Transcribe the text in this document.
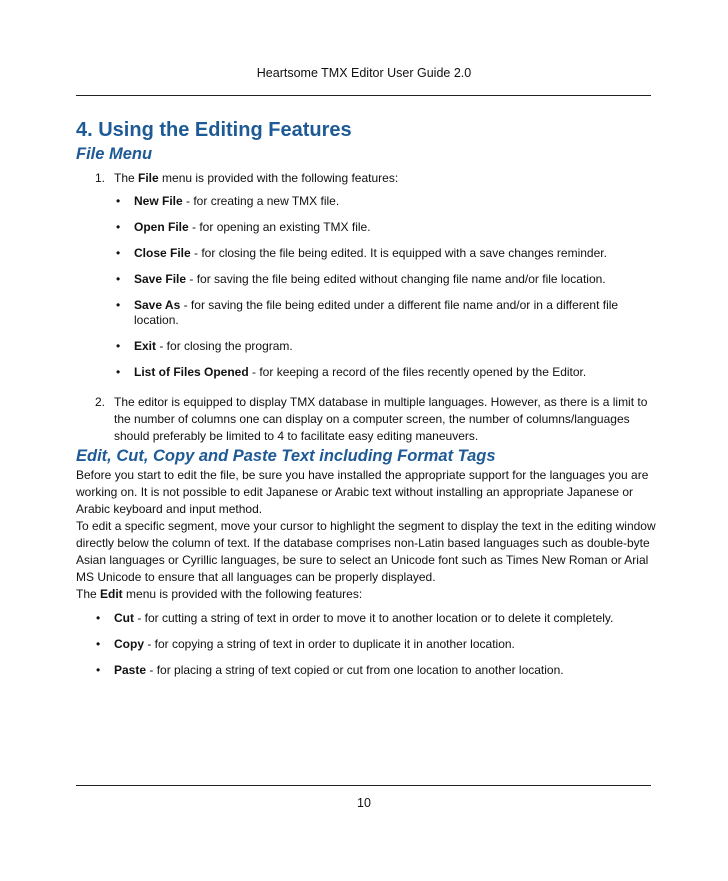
Heartsome TMX Editor User Guide 2.0
4. Using the Editing Features
File Menu
1. The File menu is provided with the following features:
• New File - for creating a new TMX file.
• Open File - for opening an existing TMX file.
• Close File - for closing the file being edited. It is equipped with a save changes reminder.
• Save File - for saving the file being edited without changing file name and/or file location.
• Save As - for saving the file being edited under a different file name and/or in a different file location.
• Exit - for closing the program.
• List of Files Opened - for keeping a record of the files recently opened by the Editor.
2. The editor is equipped to display TMX database in multiple languages. However, as there is a limit to the number of columns one can display on a computer screen, the number of columns/languages should preferably be limited to 4 to facilitate easy editing maneuvers.
Edit, Cut, Copy and Paste Text including Format Tags

Before you start to edit the file, be sure you have installed the appropriate support for the languages you are working on. It is not possible to edit Japanese or Arabic text without installing an appropriate Japanese or Arabic keyboard and input method.

To edit a specific segment, move your cursor to highlight the segment to display the text in the editing window directly below the column of text. If the database comprises non-Latin based languages such as double-byte Asian languages or Cyrillic languages, be sure to select an Unicode font such as Times New Roman or Arial MS Unicode to ensure that all languages can be properly displayed.

The Edit menu is provided with the following features:

• Cut - for cutting a string of text in order to move it to another location or to delete it completely.
• Copy - for copying a string of text in order to duplicate it in another location.
• Paste - for placing a string of text copied or cut from one location to another location.
10
